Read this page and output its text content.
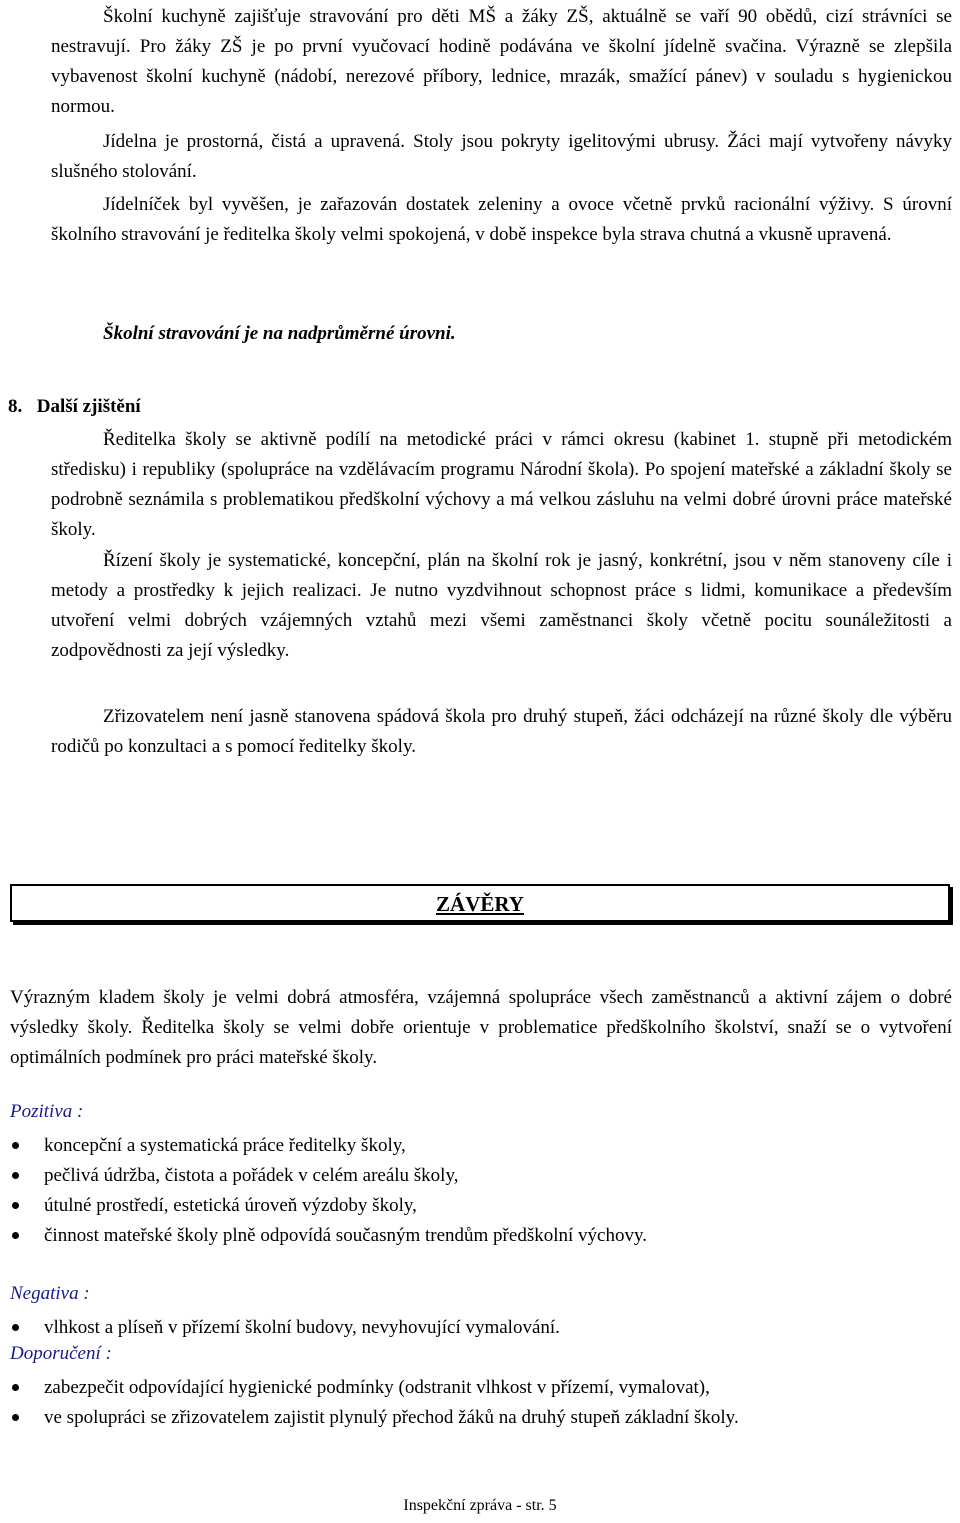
Školní kuchyně zajišťuje stravování pro děti MŠ a žáky ZŠ, aktuálně se vaří 90 obědů, cizí strávníci se nestravují. Pro žáky ZŠ je po první vyučovací hodině podávána ve školní jídelně svačina. Výrazně se zlepšila vybavenost školní kuchyně (nádobí, nerezové příbory, lednice, mrazák, smažící pánev) v souladu s hygienickou normou.

Jídelna je prostorná, čistá a upravená. Stoly jsou pokryty igelitovými ubrusy. Žáci mají vytvořeny návyky slušného stolování.

Jídelníček byl vyvěšen, je zařazován dostatek zeleniny a ovoce včetně prvků racionální výživy. S úrovní školního stravování je ředitelka školy velmi spokojená, v době inspekce byla strava chutná a vkusně upravená.

Školní stravování je na nadprůměrné úrovni.

8. Další zjištění

Ředitelka školy se aktivně podílí na metodické práci v rámci okresu (kabinet 1. stupně při metodickém středisku) i republiky (spolupráce na vzdělávacím programu Národní škola). Po spojení mateřské a základní školy se podrobně seznámila s problematikou předškolní výchovy a má velkou zásluhu na velmi dobré úrovni práce mateřské školy.

Řízení školy je systematické, koncepční, plán na školní rok je jasný, konkrétní, jsou v něm stanoveny cíle i metody a prostředky k jejich realizaci. Je nutno vyzdvihnout schopnost práce s lidmi, komunikace a především utvoření velmi dobrých vzájemných vztahů mezi všemi zaměstnanci školy včetně pocitu sounáležitosti a zodpovědnosti za její výsledky.

Zřizovatelem není jasně stanovena spádová škola pro druhý stupeň, žáci odcházejí na různé školy dle výběru rodičů po konzultaci a s pomocí ředitelky školy.

ZÁVĚRY

Výrazným kladem školy je velmi dobrá atmosféra, vzájemná spolupráce všech zaměstnanců a aktivní zájem o dobré výsledky školy. Ředitelka školy se velmi dobře orientuje v problematice předškolního školství, snaží se o vytvoření optimálních podmínek pro práci mateřské školy.

Pozitiva :

koncepční a systematická práce ředitelky školy,
pečlivá údržba, čistota a pořádek v celém areálu školy,
útulné prostředí, estetická úroveň výzdoby školy,
činnost mateřské školy plně odpovídá současným trendům předškolní výchovy.

Negativa :

vlhkost a plíseň v přízemí školní budovy, nevyhovující vymalování.

Doporučení :

zabezpečit odpovídající hygienické podmínky (odstranit vlhkost v přízemí, vymalovat),
ve spolupráci se zřizovatelem zajistit plynulý přechod žáků na druhý stupeň základní školy.
Inspekční zpráva - str. 5
